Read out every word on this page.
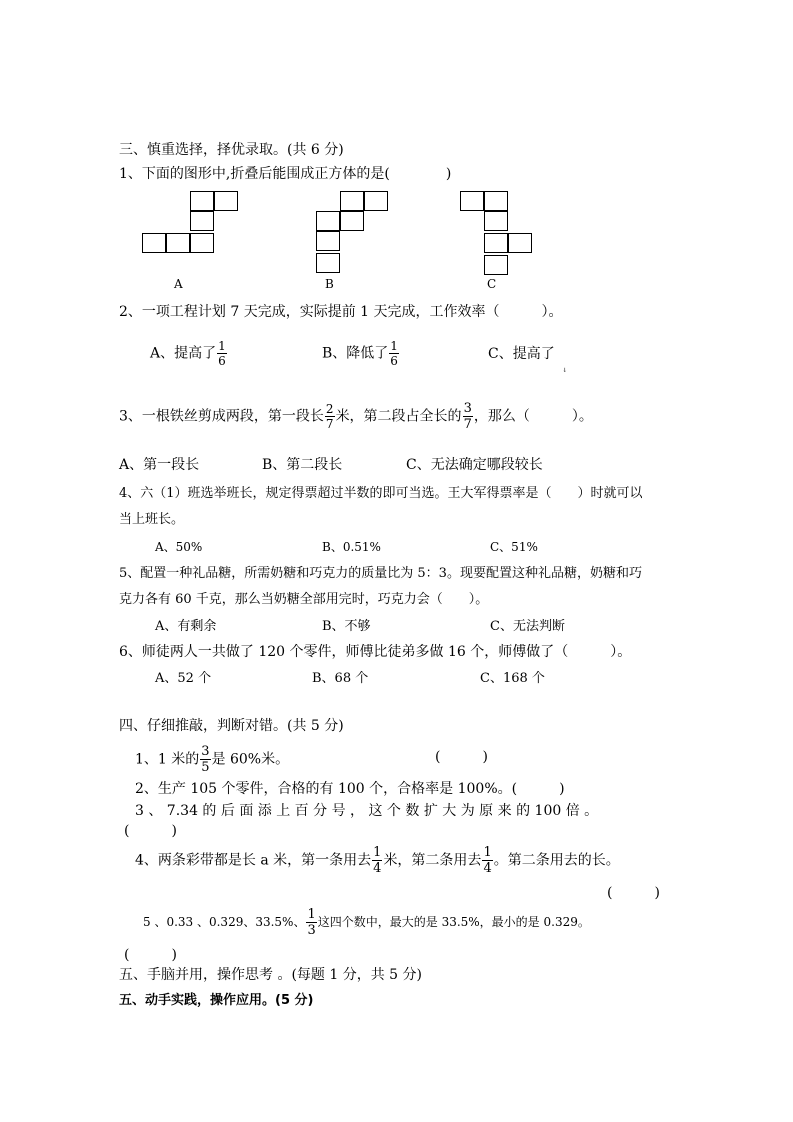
三、慎重选择，择优录取。(共 6 分)
1、下面的图形中,折叠后能围成正方体的是(　　　　)
A	B	C
2、一项工程计划 7 天完成，实际提前 1 天完成，工作效率（　　　）。
A、提高了 $\frac{1}{6}$	B、降低了 $\frac{1}{6}$	C、提高了
ꜜ
3、一根铁丝剪成两段，第一段长 $\frac{2}{7}$ 米，第二段占全长的 $\frac{3}{7}$ ，那么（　　　）。
A、第一段长	B、第二段长	C、无法确定哪段较长
4、六（1）班选举班长，规定得票超过半数的即可当选。王大军得票率是（　　）时就可以
当上班长。
A、50%	B、0.51%	C、51%
5、配置一种礼品糖，所需奶糖和巧克力的质量比为 5：3。现要配置这种礼品糖，奶糖和巧
克力各有 60 千克，那么当奶糖全部用完时，巧克力会（　　）。
A、有剩余	B、不够	C、无法判断
6、师徒两人一共做了 120 个零件，师傅比徒弟多做 16 个，师傅做了（　　　）。
A、52 个	B、68 个	C、168 个
四、仔细推敲，判断对错。(共 5 分)
1、1 米的 $\frac{3}{5}$ 是 60%米。	(　　　)
2、生产 105 个零件，合格的有 100 个，合格率是 100%。(　　　)
3 、 7.34 的 后 面 添 上 百 分 号 ， 这 个 数 扩 大 为 原 来 的 100 倍 。
(　　　)
4、两条彩带都是长 a 米，第一条用去 $\frac{1}{4}$ 米，第二条用去 $\frac{1}{4}$ 。第二条用去的长。
(　　　)
5 、0.33 、0.329、33.5%、 $\frac{1}{3}$ 这四个数中，最大的是 33.5%，最小的是 0.329。
(　　　)
五、手脑并用，操作思考 。(每题 1 分，共 5 分)
五、动手实践，操作应用。(5 分)
